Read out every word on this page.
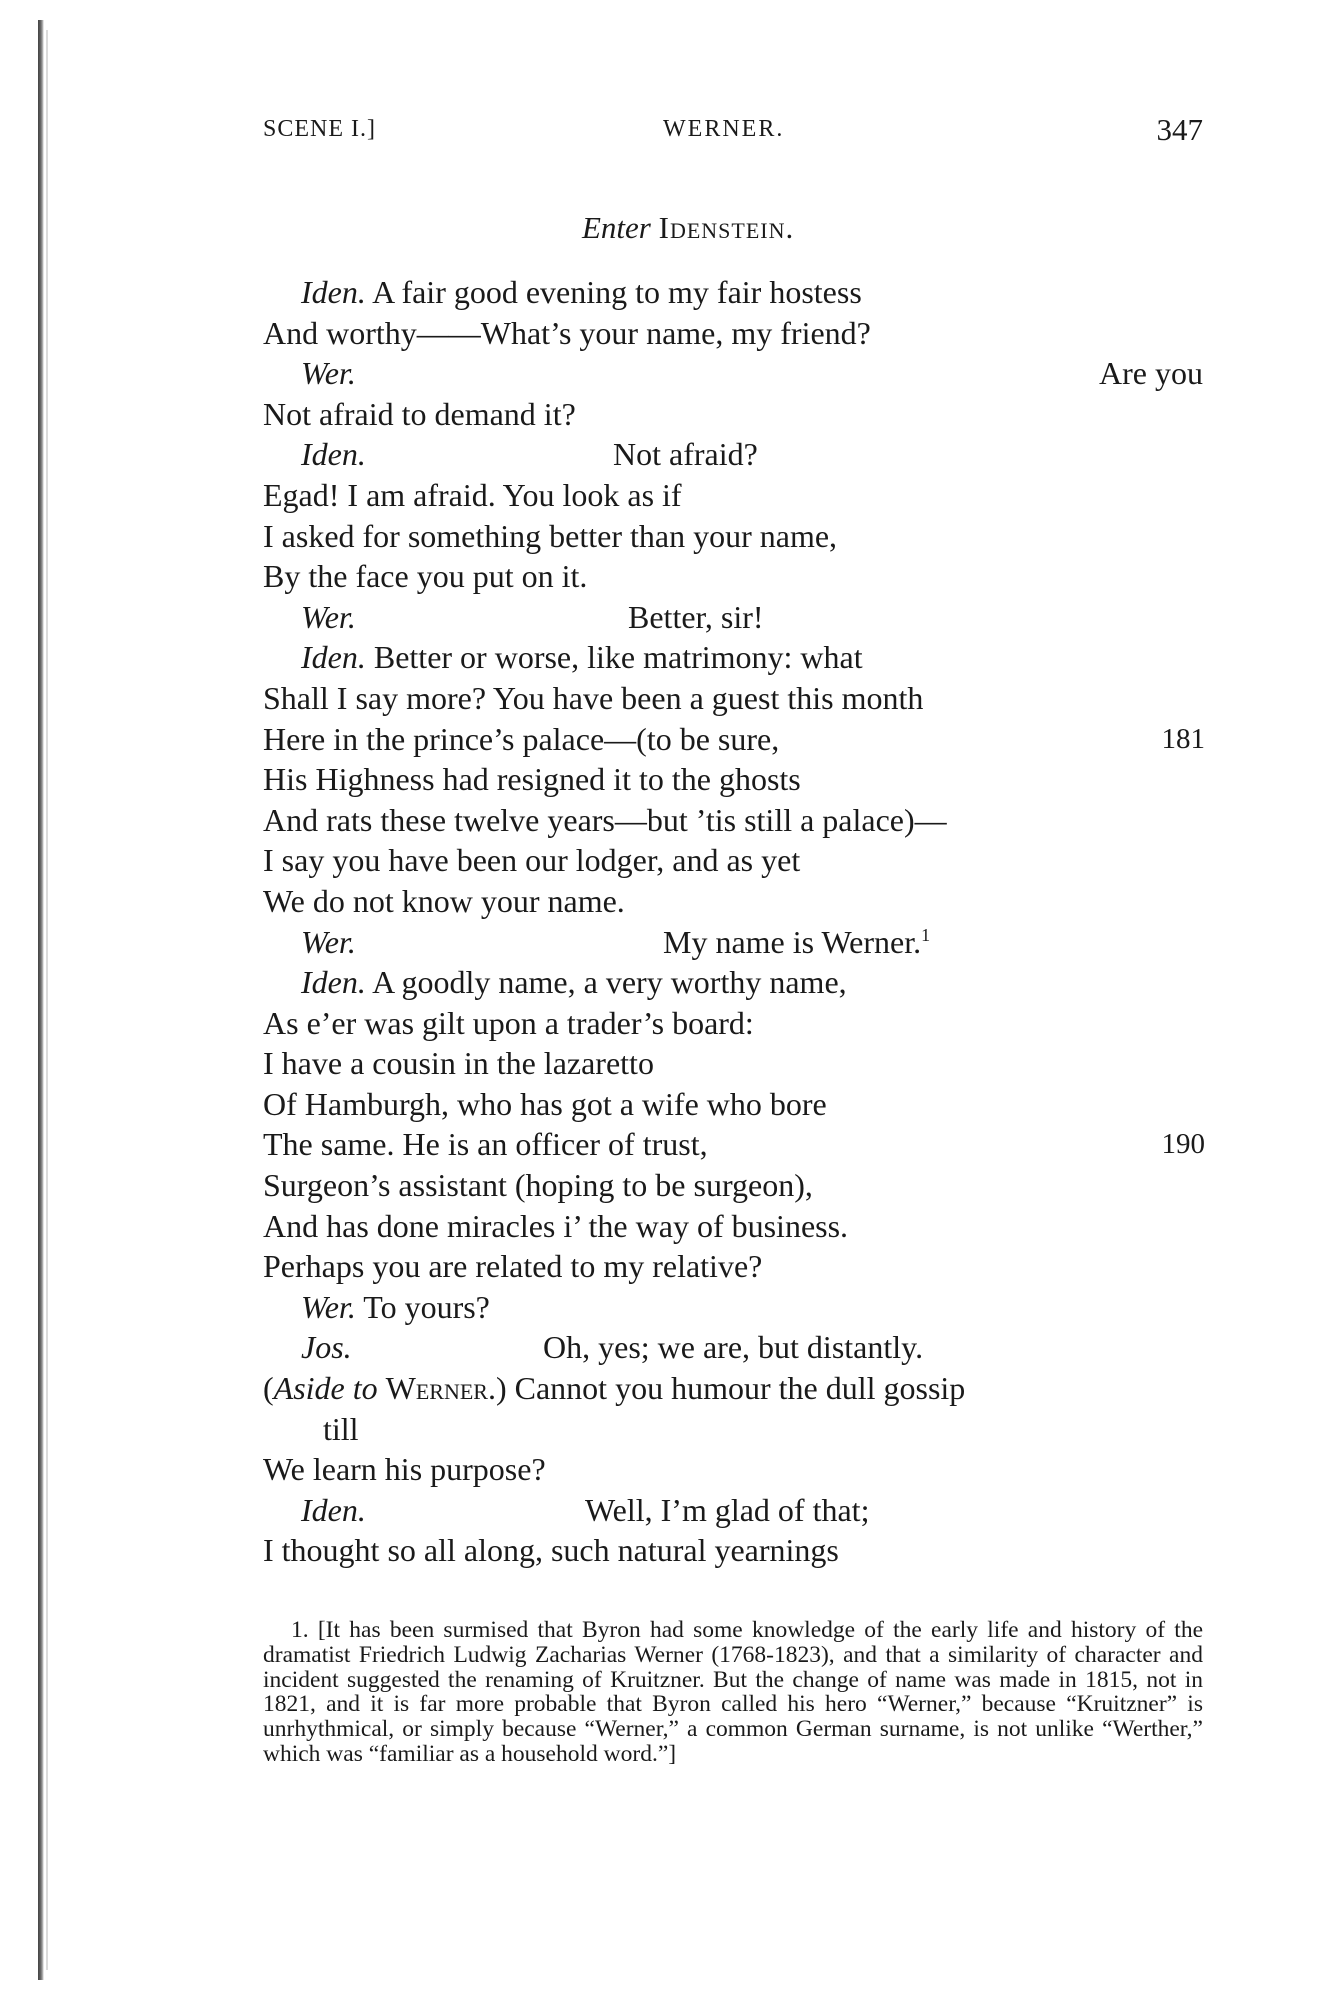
SCENE I.]	WERNER.	347
Enter Idenstein.
Iden. A fair good evening to my fair hostess
And worthy——What’s your name, my friend?
Wer.	Are you
Not afraid to demand it?
Iden.	Not afraid?
Egad! I am afraid. You look as if
I asked for something better than your name,
By the face you put on it.
Wer.	Better, sir!
Iden. Better or worse, like matrimony: what
Shall I say more? You have been a guest this month
Here in the prince’s palace—(to be sure,	181
His Highness had resigned it to the ghosts
And rats these twelve years—but ’tis still a palace)—
I say you have been our lodger, and as yet
We do not know your name.
Wer.	My name is Werner.$^1$
Iden. A goodly name, a very worthy name,
As e’er was gilt upon a trader’s board:
I have a cousin in the lazaretto
Of Hamburgh, who has got a wife who bore
The same. He is an officer of trust,	190
Surgeon’s assistant (hoping to be surgeon),
And has done miracles i’ the way of business.
Perhaps you are related to my relative?
Wer. To yours?
Jos.	Oh, yes; we are, but distantly.
(Aside to Werner.) Cannot you humour the dull gossip
till
We learn his purpose?
Iden.	Well, I’m glad of that;
I thought so all along, such natural yearnings
1. [It has been surmised that Byron had some knowledge of the early life and history of the dramatist Friedrich Ludwig Zacharias Werner (1768-1823), and that a similarity of character and incident suggested the renaming of Kruitzner. But the change of name was made in 1815, not in 1821, and it is far more probable that Byron called his hero “Werner,” because “Kruitzner” is unrhythmical, or simply because “Werner,” a common German surname, is not unlike “Werther,” which was “familiar as a household word.”]
